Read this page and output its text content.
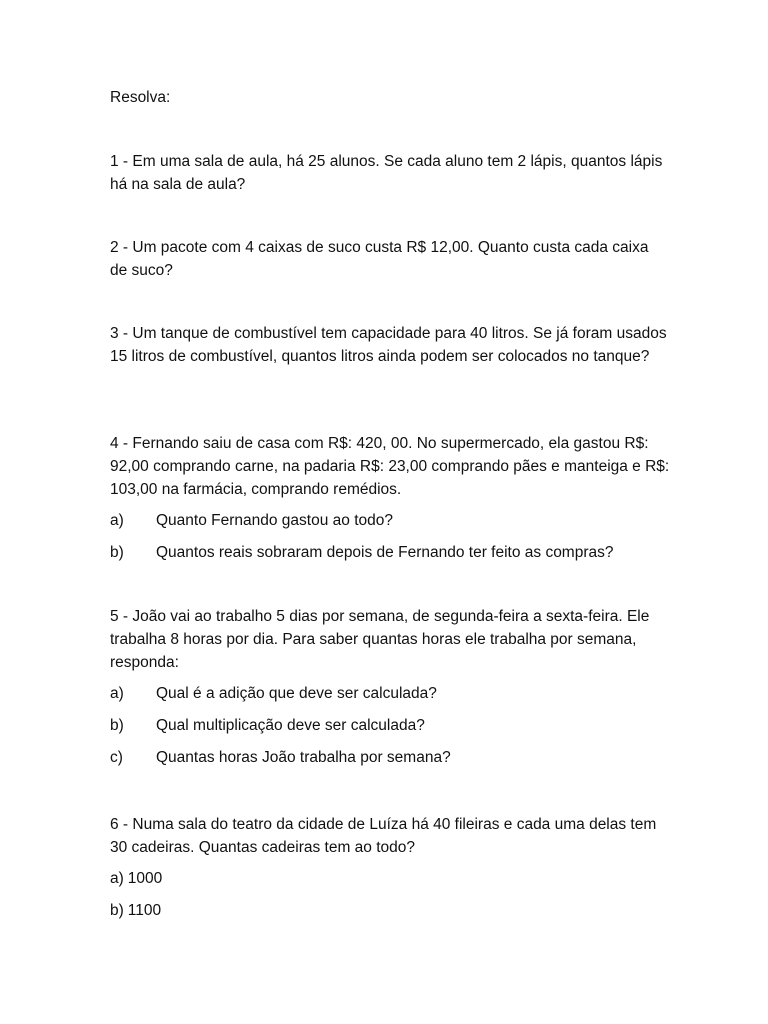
Resolva:

1 - Em uma sala de aula, há 25 alunos. Se cada aluno tem 2 lápis, quantos lápis há na sala de aula?

2 - Um pacote com 4 caixas de suco custa R$ 12,00. Quanto custa cada caixa de suco?

3 - Um tanque de combustível tem capacidade para 40 litros. Se já foram usados 15 litros de combustível, quantos litros ainda podem ser colocados no tanque?

4 - Fernando saiu de casa com R$: 420, 00. No supermercado, ela gastou R$: 92,00 comprando carne, na padaria R$: 23,00 comprando pães e manteiga e R$: 103,00 na farmácia, comprando remédios.

a) Quanto Fernando gastou ao todo?

b) Quantos reais sobraram depois de Fernando ter feito as compras?

5 - João vai ao trabalho 5 dias por semana, de segunda-feira a sexta-feira. Ele trabalha 8 horas por dia. Para saber quantas horas ele trabalha por semana, responda:

a) Qual é a adição que deve ser calculada?

b) Qual multiplicação deve ser calculada?

c) Quantas horas João trabalha por semana?

6 - Numa sala do teatro da cidade de Luíza há 40 fileiras e cada uma delas tem 30 cadeiras. Quantas cadeiras tem ao todo?

a) 1000

b) 1100
